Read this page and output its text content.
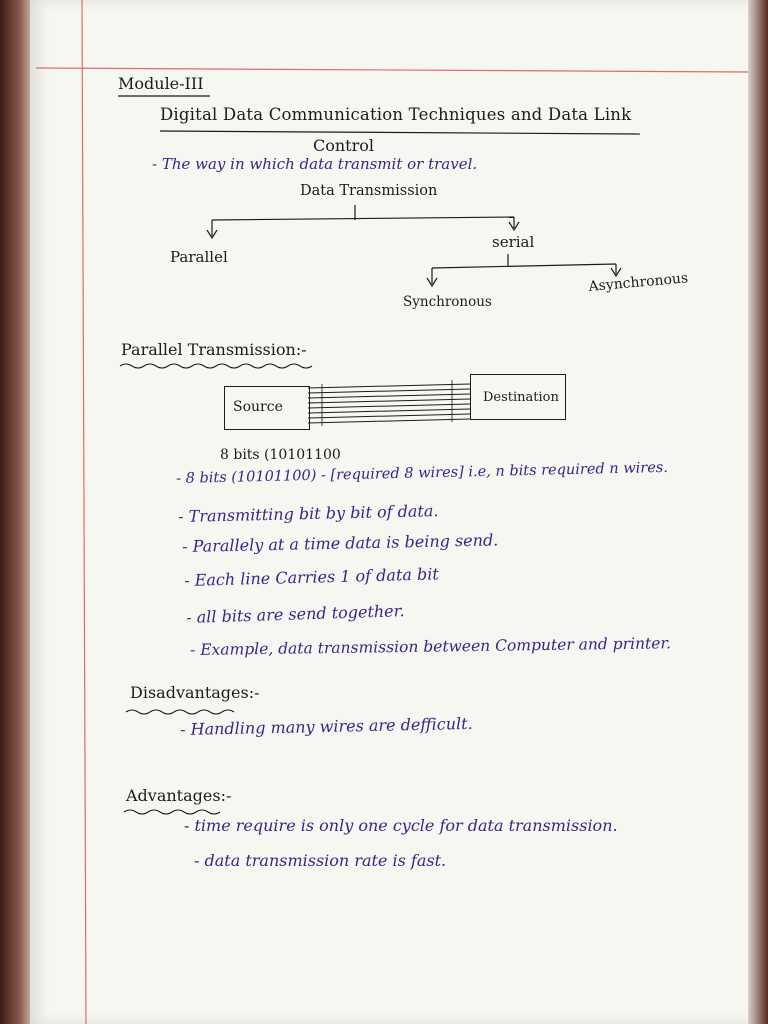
Module-III
Digital Data Communication Techniques and Data Link
Control
- The way in which data transmit or travel.
Data Transmission
Parallel
serial
Synchronous
Asynchronous
Parallel Transmission:-
Source
Destination
8 bits (10101100
- 8 bits (10101100) - [required 8 wires] i.e, n bits required n wires.
- Transmitting bit by bit of data.
- Parallely at a time data is being send.
- Each line Carries 1 of data bit
- all bits are send together.
- Example, data transmission between Computer and printer.
Disadvantages:-
- Handling many wires are defficult.
Advantages:-
- time require is only one cycle for data transmission.
- data transmission rate is fast.
